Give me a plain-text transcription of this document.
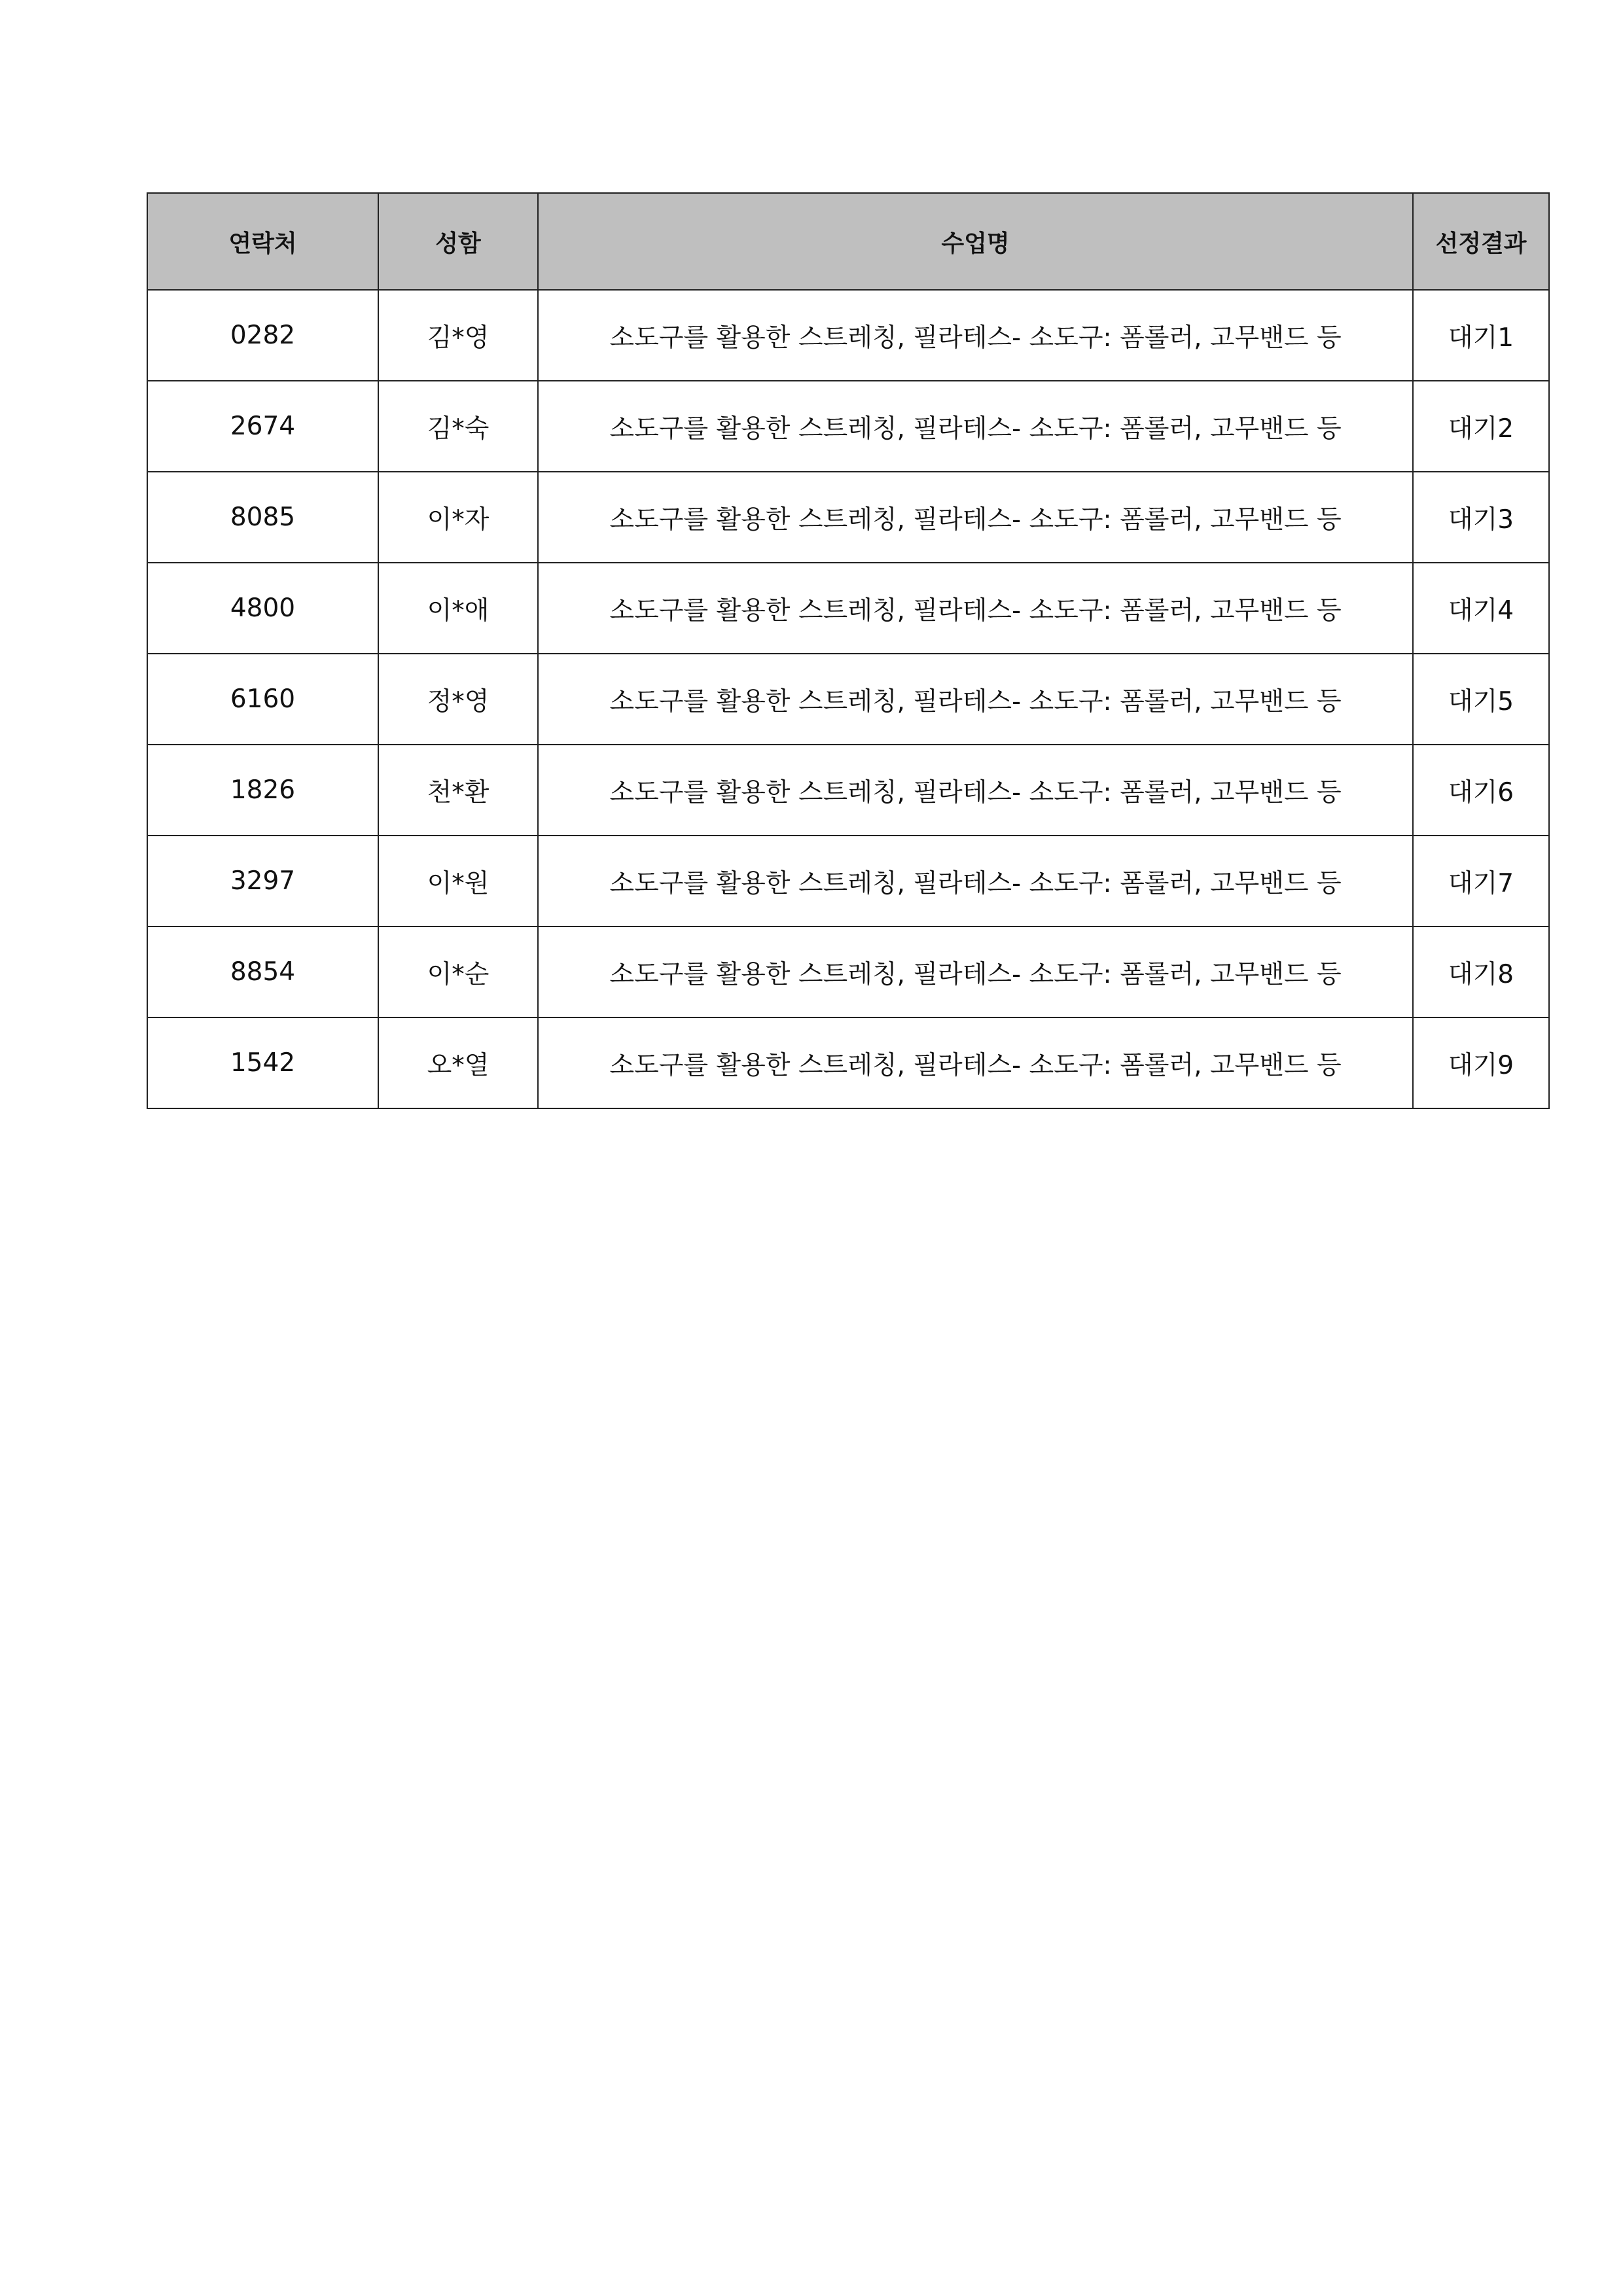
연락처	성함	수업명	선정결과
0282	김*영	소도구를 활용한 스트레칭, 필라테스- 소도구: 폼롤러, 고무밴드 등	대기1
2674	김*숙	소도구를 활용한 스트레칭, 필라테스- 소도구: 폼롤러, 고무밴드 등	대기2
8085	이*자	소도구를 활용한 스트레칭, 필라테스- 소도구: 폼롤러, 고무밴드 등	대기3
4800	이*애	소도구를 활용한 스트레칭, 필라테스- 소도구: 폼롤러, 고무밴드 등	대기4
6160	정*영	소도구를 활용한 스트레칭, 필라테스- 소도구: 폼롤러, 고무밴드 등	대기5
1826	천*환	소도구를 활용한 스트레칭, 필라테스- 소도구: 폼롤러, 고무밴드 등	대기6
3297	이*원	소도구를 활용한 스트레칭, 필라테스- 소도구: 폼롤러, 고무밴드 등	대기7
8854	이*순	소도구를 활용한 스트레칭, 필라테스- 소도구: 폼롤러, 고무밴드 등	대기8
1542	오*열	소도구를 활용한 스트레칭, 필라테스- 소도구: 폼롤러, 고무밴드 등	대기9
